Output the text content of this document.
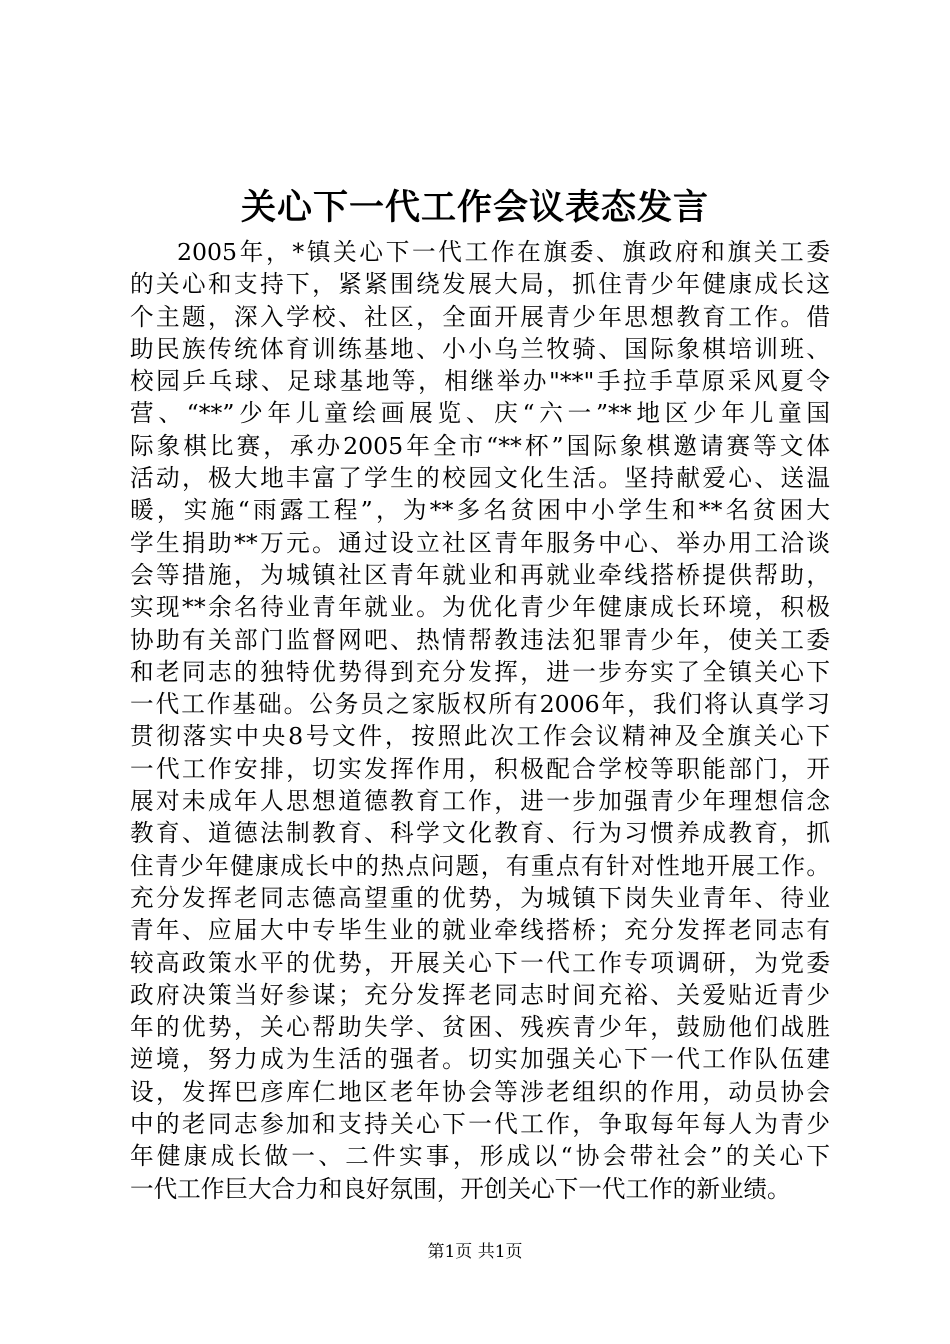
关心下一代工作会议表态发言
2005年，*镇关心下一代工作在旗委、旗政府和旗关工委
的关心和支持下，紧紧围绕发展大局，抓住青少年健康成长这
个主题，深入学校、社区，全面开展青少年思想教育工作。借
助民族传统体育训练基地、小小乌兰牧骑、国际象棋培训班、
校园乒乓球、足球基地等，相继举办"**"手拉手草原采风夏令
营、“**”少年儿童绘画展览、庆“六一”**地区少年儿童国
际象棋比赛，承办2005年全市“**杯”国际象棋邀请赛等文体
活动，极大地丰富了学生的校园文化生活。坚持献爱心、送温
暖，实施“雨露工程”，为**多名贫困中小学生和**名贫困大
学生捐助**万元。通过设立社区青年服务中心、举办用工洽谈
会等措施，为城镇社区青年就业和再就业牵线搭桥提供帮助，
实现**余名待业青年就业。为优化青少年健康成长环境，积极
协助有关部门监督网吧、热情帮教违法犯罪青少年，使关工委
和老同志的独特优势得到充分发挥，进一步夯实了全镇关心下
一代工作基础。公务员之家版权所有2006年，我们将认真学习
贯彻落实中央8号文件，按照此次工作会议精神及全旗关心下
一代工作安排，切实发挥作用，积极配合学校等职能部门，开
展对未成年人思想道德教育工作，进一步加强青少年理想信念
教育、道德法制教育、科学文化教育、行为习惯养成教育，抓
住青少年健康成长中的热点问题，有重点有针对性地开展工作。
充分发挥老同志德高望重的优势，为城镇下岗失业青年、待业
青年、应届大中专毕生业的就业牵线搭桥；充分发挥老同志有
较高政策水平的优势，开展关心下一代工作专项调研，为党委
政府决策当好参谋；充分发挥老同志时间充裕、关爱贴近青少
年的优势，关心帮助失学、贫困、残疾青少年，鼓励他们战胜
逆境，努力成为生活的强者。切实加强关心下一代工作队伍建
设，发挥巴彦库仁地区老年协会等涉老组织的作用，动员协会
中的老同志参加和支持关心下一代工作，争取每年每人为青少
年健康成长做一、二件实事，形成以“协会带社会”的关心下
一代工作巨大合力和良好氛围，开创关心下一代工作的新业绩。
第1页 共1页
